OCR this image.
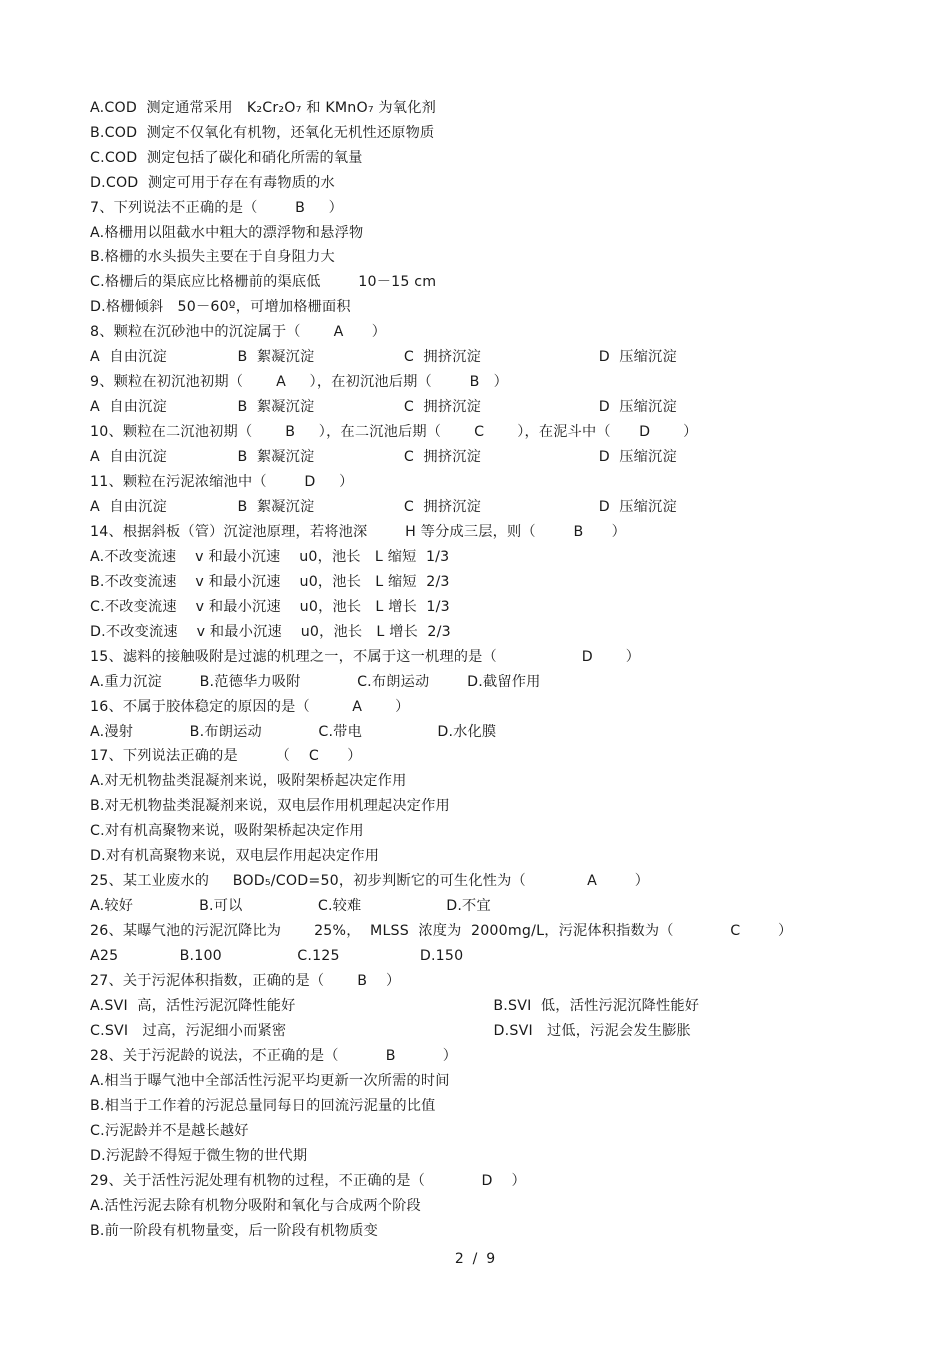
A.COD  测定通常采用   K₂Cr₂O₇ 和 KMnO₇ 为氧化剂
B.COD  测定不仅氧化有机物，还氧化无机性还原物质
C.COD  测定包括了碳化和硝化所需的氧量
D.COD  测定可用于存在有毒物质的水
7、下列说法不正确的是（        B     ）
A.格栅用以阻截水中粗大的漂浮物和悬浮物
B.格栅的水头损失主要在于自身阻力大
C.格栅后的渠底应比格栅前的渠底低        10－15 cm
D.格栅倾斜   50－60º，可增加格栅面积
8、颗粒在沉砂池中的沉淀属于（       A      ）
A  自由沉淀               B  絮凝沉淀                   C  拥挤沉淀                         D  压缩沉淀
9、颗粒在初沉池初期（       A     ），在初沉池后期（        B   ）
A  自由沉淀               B  絮凝沉淀                   C  拥挤沉淀                         D  压缩沉淀
10、颗粒在二沉池初期（       B     ），在二沉池后期（       C       ），在泥斗中（      D       ）
A  自由沉淀               B  絮凝沉淀                   C  拥挤沉淀                         D  压缩沉淀
11、颗粒在污泥浓缩池中（        D     ）
A  自由沉淀               B  絮凝沉淀                   C  拥挤沉淀                         D  压缩沉淀
14、根据斜板（管）沉淀池原理，若将池深        H 等分成三层，则（        B      ）
A.不改变流速    v 和最小沉速    u0，池长   L 缩短  1/3
B.不改变流速    v 和最小沉速    u0，池长   L 缩短  2/3
C.不改变流速    v 和最小沉速    u0，池长   L 增长  1/3
D.不改变流速    v 和最小沉速    u0，池长   L 增长  2/3
15、滤料的接触吸附是过滤的机理之一，不属于这一机理的是（                  D       ）
A.重力沉淀        B.范德华力吸附            C.布朗运动        D.截留作用
16、不属于胶体稳定的原因的是（         A       ）
A.漫射            B.布朗运动            C.带电                D.水化膜
17、下列说法正确的是        （    C      ）
A.对无机物盐类混凝剂来说，吸附架桥起决定作用
B.对无机物盐类混凝剂来说，双电层作用机理起决定作用
C.对有机高聚物来说，吸附架桥起决定作用
D.对有机高聚物来说，双电层作用起决定作用
25、某工业废水的     BOD₅/COD=50，初步判断它的可生化性为（             A        ）
A.较好              B.可以                C.较难                  D.不宜
26、某曝气池的污泥沉降比为       25%，  MLSS  浓度为  2000mg/L，污泥体积指数为（            C        ）
A25             B.100                C.125                 D.150
27、关于污泥体积指数，正确的是（       B    ）
A.SVI  高，活性污泥沉降性能好                                          B.SVI  低，活性污泥沉降性能好
C.SVI   过高，污泥细小而紧密                                            D.SVI   过低，污泥会发生膨胀
28、关于污泥龄的说法，不正确的是（          B          ）
A.相当于曝气池中全部活性污泥平均更新一次所需的时间
B.相当于工作着的污泥总量同每日的回流污泥量的比值
C.污泥龄并不是越长越好
D.污泥龄不得短于微生物的世代期
29、关于活性污泥处理有机物的过程，不正确的是（            D    ）
A.活性污泥去除有机物分吸附和氧化与合成两个阶段
B.前一阶段有机物量变，后一阶段有机物质变
2  /  9
